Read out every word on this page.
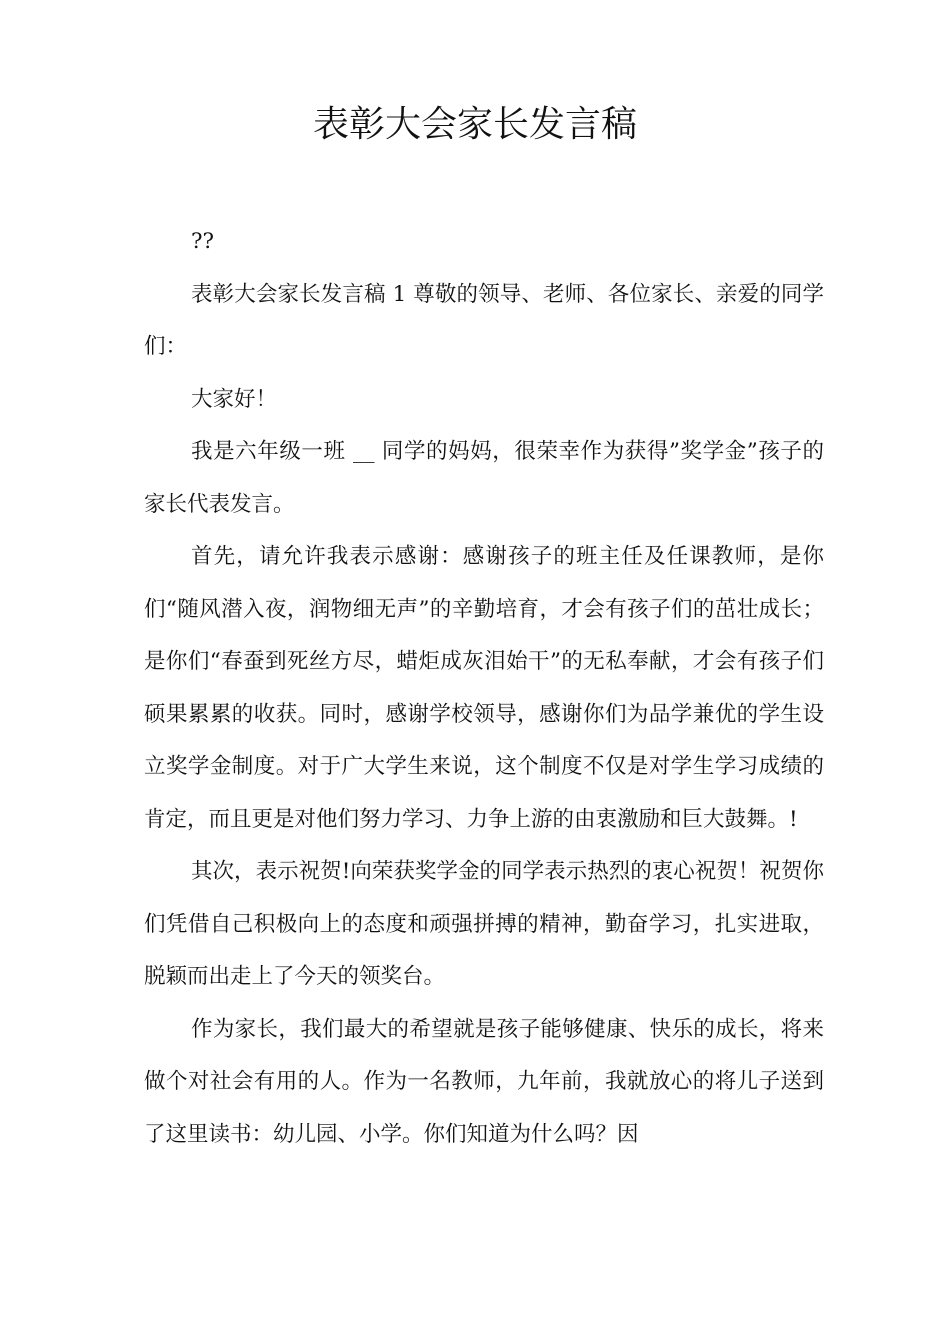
表彰大会家长发言稿

??

表彰大会家长发言稿 1 尊敬的领导、老师、各位家长、亲爱的同学们：

大家好！

我是六年级一班 __ 同学的妈妈，很荣幸作为获得”奖学金”孩子的家长代表发言。

首先，请允许我表示感谢：感谢孩子的班主任及任课教师，是你们“随风潜入夜，润物细无声”的辛勤培育，才会有孩子们的茁壮成长；是你们“春蚕到死丝方尽，蜡炬成灰泪始干”的无私奉献，才会有孩子们硕果累累的收获。同时，感谢学校领导，感谢你们为品学兼优的学生设立奖学金制度。对于广大学生来说，这个制度不仅是对学生学习成绩的肯定，而且更是对他们努力学习、力争上游的由衷激励和巨大鼓舞。!

其次，表示祝贺!向荣获奖学金的同学表示热烈的衷心祝贺！祝贺你们凭借自己积极向上的态度和顽强拼搏的精神，勤奋学习，扎实进取，脱颖而出走上了今天的领奖台。

作为家长，我们最大的希望就是孩子能够健康、快乐的成长，将来做个对社会有用的人。作为一名教师，九年前，我就放心的将儿子送到了这里读书：幼儿园、小学。你们知道为什么吗？因
